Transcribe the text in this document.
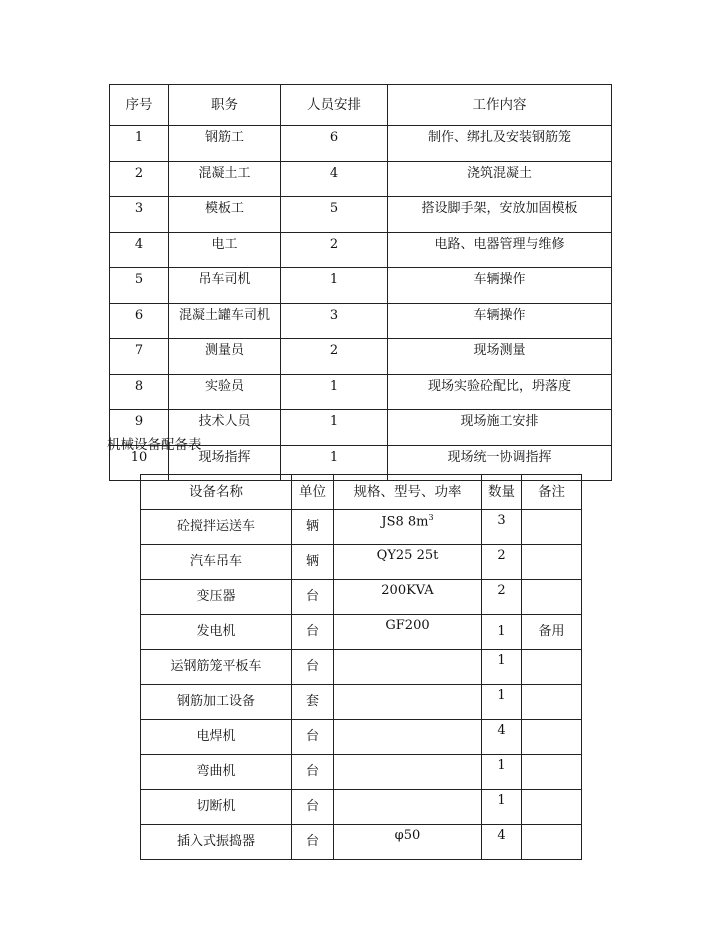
序号	职务	人员安排	工作内容
1	钢筋工	6	制作、绑扎及安装钢筋笼
2	混凝土工	4	浇筑混凝土
3	模板工	5	搭设脚手架，安放加固模板
4	电工	2	电路、电器管理与维修
5	吊车司机	1	车辆操作
6	混凝土罐车司机	3	车辆操作
7	测量员	2	现场测量
8	实验员	1	现场实验砼配比，坍落度
9	技术人员	1	现场施工安排
10	现场指挥	1	现场统一协调指挥
机械设备配备表
设备名称	单位	规格、型号、功率	数量	备注
砼搅拌运送车	辆	JS8 $8m^3$	3	
汽车吊车	辆	QY25 25t	2	
变压器	台	200KVA	2	
发电机	台	GF200	1	备用
运钢筋笼平板车	台		1	
钢筋加工设备	套		1	
电焊机	台		4	
弯曲机	台		1	
切断机	台		1	
插入式振捣器	台	φ50	4	
